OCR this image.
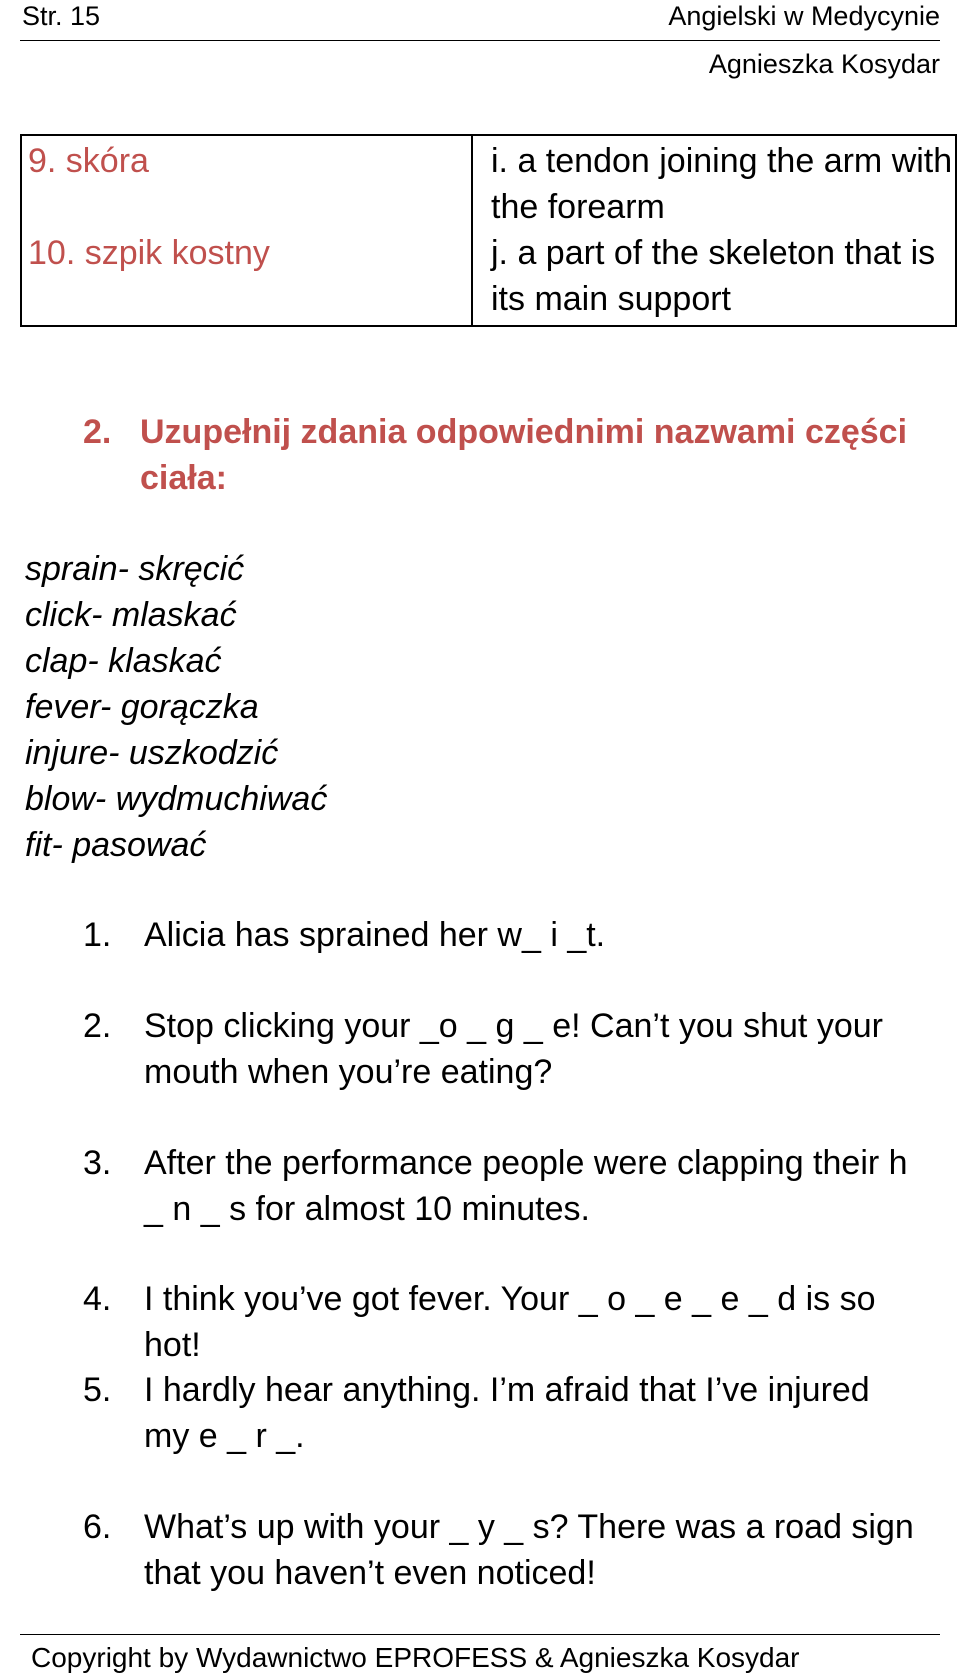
Str. 15	Angielski w Medycynie
Agnieszka Kosydar
9. skóra	i. a tendon joining the arm with the forearm
10. szpik kostny	j. a part of the skeleton that is its main support
2. Uzupełnij zdania odpowiednimi nazwami części ciała:
sprain- skręcić
click- mlaskać
clap- klaskać
fever- gorączka
injure- uszkodzić
blow- wydmuchiwać
fit- pasować
1. Alicia has sprained her w_ i _t.
2. Stop clicking your _o _ g _ e! Can’t you shut your mouth when you’re eating?
3. After the performance people were clapping their h _ n _ s for almost 10 minutes.
4. I think you’ve got fever. Your _ o _ e _ e _ d is so hot!
5. I hardly hear anything. I’m afraid that I’ve injured my e _ r _.
6. What’s up with your _ y _ s? There was a road sign that you haven’t even noticed!
Copyright by Wydawnictwo EPROFESS & Agnieszka Kosydar
